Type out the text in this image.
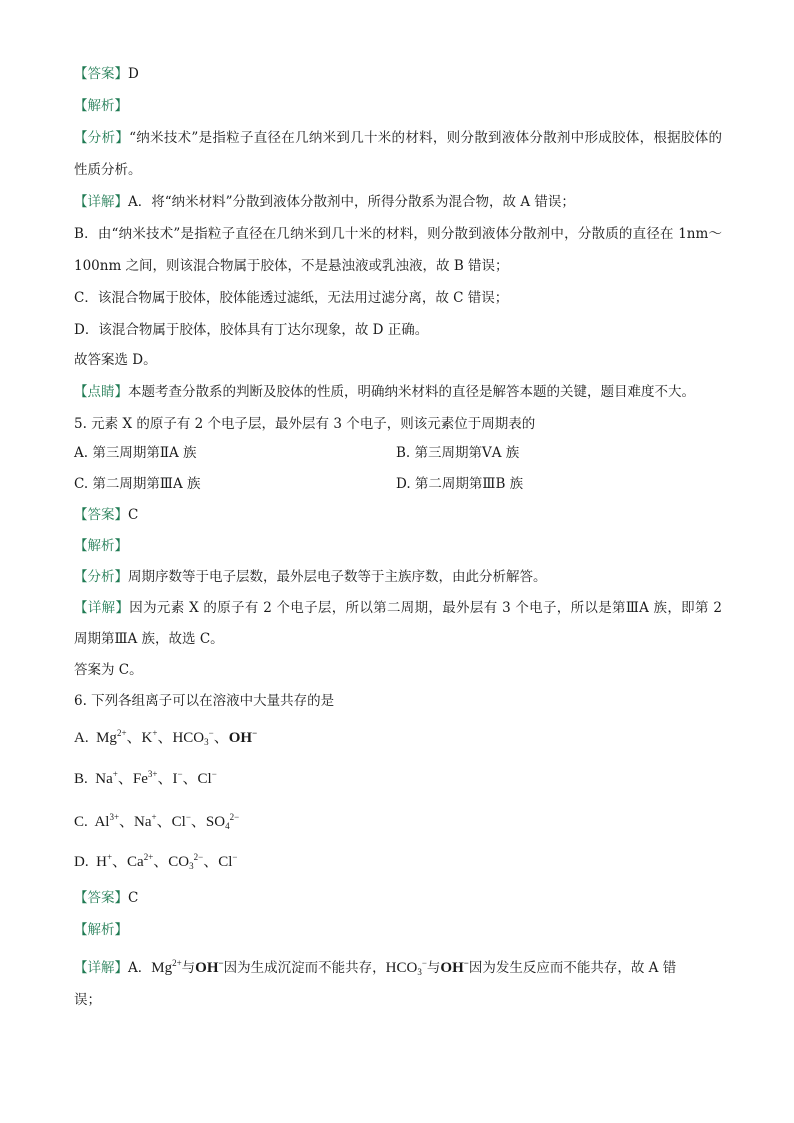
【答案】D
【解析】
【分析】“纳米技术”是指粒子直径在几纳米到几十米的材料，则分散到液体分散剂中形成胶体，根据胶体的
性质分析。
【详解】A．将“纳米材料”分散到液体分散剂中，所得分散系为混合物，故 A 错误；
B．由“纳米技术”是指粒子直径在几纳米到几十米的材料，则分散到液体分散剂中，分散质的直径在 1nm～
100nm 之间，则该混合物属于胶体，不是悬浊液或乳浊液，故 B 错误；
C．该混合物属于胶体，胶体能透过滤纸，无法用过滤分离，故 C 错误；
D．该混合物属于胶体，胶体具有丁达尔现象，故 D 正确。
故答案选 D。
【点睛】本题考查分散系的判断及胶体的性质，明确纳米材料的直径是解答本题的关键，题目难度不大。
5. 元素 X 的原子有 2 个电子层，最外层有 3 个电子，则该元素位于周期表的
A. 第三周期第ⅡA 族	B. 第三周期第ⅤA 族
C. 第二周期第ⅢA 族	D. 第二周期第ⅢB 族
【答案】C
【解析】
【分析】周期序数等于电子层数，最外层电子数等于主族序数，由此分析解答。
【详解】因为元素 X 的原子有 2 个电子层，所以第二周期，最外层有 3 个电子，所以是第ⅢA 族，即第 2
周期第ⅢA 族，故选 C。
答案为 C。
6. 下列各组离子可以在溶液中大量共存的是
A.  $Mg^{2+}$、K+、$HCO_3^-$、OH−
B.  Na+、$Fe^{3+}$、I−、Cl−
C.  $Al^{3+}$、Na+、Cl−、$SO_4^{2-}$
D.  H+、$Ca^{2+}$、$CO_3^{2-}$、Cl−
【答案】C
【解析】
【详解】A．$Mg^{2+}$与OH−因为生成沉淀而不能共存，$HCO_3^-$与OH−因为发生反应而不能共存，故 A 错
误；
